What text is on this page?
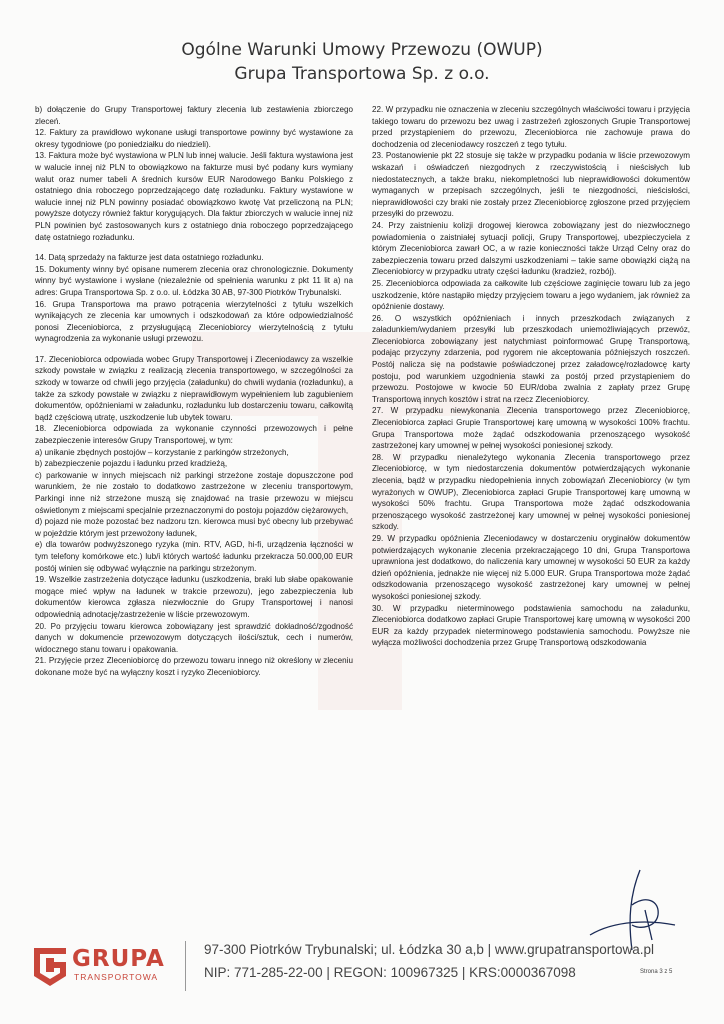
Ogólne Warunki Umowy Przewozu (OWUP)
Grupa Transportowa Sp. z o.o.

b) dołączenie do Grupy Transportowej faktury zlecenia lub zestawienia zbiorczego zleceń.

12. Faktury za prawidłowo wykonane usługi transportowe powinny być wystawione za okresy tygodniowe (po poniedziałku do niedzieli).

13. Faktura może być wystawiona w PLN lub innej walucie. Jeśli faktura wystawiona jest w walucie innej niż PLN to obowiązkowo na fakturze musi być podany kurs wymiany walut oraz numer tabeli A średnich kursów EUR Narodowego Banku Polskiego z ostatniego dnia roboczego poprzedzającego datę rozładunku. Faktury wystawione w walucie innej niż PLN powinny posiadać obowiązkowo kwotę Vat przeliczoną na PLN; powyższe dotyczy również faktur korygujących. Dla faktur zbiorczych w walucie innej niż PLN powinien być zastosowanych kurs z ostatniego dnia roboczego poprzedzającego datę ostatniego rozładunku.

14. Datą sprzedaży na fakturze jest data ostatniego rozładunku.

15. Dokumenty winny być opisane numerem zlecenia oraz chronologicznie. Dokumenty winny być wystawione i wysłane (niezależnie od spełnienia warunku z pkt 11 lit a) na adres: Grupa Transportowa Sp. z o.o. ul. Łódzka 30 AB, 97-300 Piotrków Trybunalski.

16. Grupa Transportowa ma prawo potrącenia wierzytelności z tytułu wszelkich wynikających ze zlecenia kar umownych i odszkodowań za które odpowiedzialność ponosi Zleceniobiorca, z przysługującą Zleceniobiorcy wierzytelnością z tytułu wynagrodzenia za wykonanie usługi przewozu.

17. Zleceniobiorca odpowiada wobec Grupy Transportowej i Zleceniodawcy za wszelkie szkody powstałe w związku z realizacją zlecenia transportowego, w szczególności za szkody w towarze od chwili jego przyjęcia (załadunku) do chwili wydania (rozładunku), a także za szkody powstałe w związku z nieprawidłowym wypełnieniem lub zagubieniem dokumentów, opóźnieniami w załadunku, rozładunku lub dostarczeniu towaru, całkowitą bądź częściową utratę, uszkodzenie lub ubytek towaru.

18. Zleceniobiorca odpowiada za wykonanie czynności przewozowych i pełne zabezpieczenie interesów Grupy Transportowej, w tym:

a) unikanie zbędnych postojów – korzystanie z parkingów strzeżonych,

b) zabezpieczenie pojazdu i ładunku przed kradzieżą,

c) parkowanie w innych miejscach niż parkingi strzeżone zostaje dopuszczone pod warunkiem, że nie zostało to dodatkowo zastrzeżone w zleceniu transportowym, Parkingi inne niż strzeżone muszą się znajdować na trasie przewozu w miejscu oświetlonym z miejscami specjalnie przeznaczonymi do postoju pojazdów ciężarowych,

d) pojazd nie może pozostać bez nadzoru tzn. kierowca musi być obecny lub przebywać w pojeździe którym jest przewożony ładunek,

e) dla towarów podwyższonego ryzyka (min. RTV, AGD, hi-fi, urządzenia łączności w tym telefony komórkowe etc.) lub/i których wartość ładunku przekracza 50.000,00 EUR postój winien się odbywać wyłącznie na parkingu strzeżonym.

19. Wszelkie zastrzeżenia dotyczące ładunku (uszkodzenia, braki lub słabe opakowanie mogące mieć wpływ na ładunek w trakcie przewozu), jego zabezpieczenia lub dokumentów kierowca zgłasza niezwłocznie do Grupy Transportowej i nanosi odpowiednią adnotację/zastrzeżenie w liście przewozowym.

20. Po przyjęciu towaru kierowca zobowiązany jest sprawdzić dokładność/zgodność danych w dokumencie przewozowym dotyczących ilości/sztuk, cech i numerów, widocznego stanu towaru i opakowania.

21. Przyjęcie przez Zleceniobiorcę do przewozu towaru innego niż określony w zleceniu dokonane może być na wyłączny koszt i ryzyko Zleceniobiorcy.

22. W przypadku nie oznaczenia w zleceniu szczególnych właściwości towaru i przyjęcia takiego towaru do przewozu bez uwag i zastrzeżeń zgłoszonych Grupie Transportowej przed przystąpieniem do przewozu, Zleceniobiorca nie zachowuje prawa do dochodzenia od zleceniodawcy roszczeń z tego tytułu.

23. Postanowienie pkt 22 stosuje się także w przypadku podania w liście przewozowym wskazań i oświadczeń niezgodnych z rzeczywistością i nieścisłych lub niedostatecznych, a także braku, niekompletności lub nieprawidłowości dokumentów wymaganych w przepisach szczególnych, jeśli te niezgodności, nieścisłości, nieprawidłowości czy braki nie zostały przez Zleceniobiorcę zgłoszone przed przyjęciem przesyłki do przewozu.

24. Przy zaistnieniu kolizji drogowej kierowca zobowiązany jest do niezwłocznego powiadomienia o zaistniałej sytuacji policji, Grupy Transportowej, ubezpieczyciela z którym Zleceniobiorca zawarł OC, a w razie konieczności także Urząd Celny oraz do zabezpieczenia towaru przed dalszymi uszkodzeniami – takie same obowiązki ciążą na Zleceniobiorcy w przypadku utraty części ładunku (kradzież, rozbój).

25. Zleceniobiorca odpowiada za całkowite lub częściowe zaginięcie towaru lub za jego uszkodzenie, które nastąpiło między przyjęciem towaru a jego wydaniem, jak również za opóźnienie dostawy.

26. O wszystkich opóźnieniach i innych przeszkodach związanych z załadunkiem/wydaniem przesyłki lub przeszkodach uniemożliwiających przewóz, Zleceniobiorca zobowiązany jest natychmiast poinformować Grupę Transportową, podając przyczyny zdarzenia, pod rygorem nie akceptowania późniejszych roszczeń. Postój nalicza się na podstawie poświadczonej przez załadowcę/rozładowcę karty postoju, pod warunkiem uzgodnienia stawki za postój przed przystąpieniem do przewozu. Postojowe w kwocie 50 EUR/doba zwalnia z zapłaty przez Grupę Transportową innych kosztów i strat na rzecz Zleceniobiorcy.

27. W przypadku niewykonania Zlecenia transportowego przez Zleceniobiorcę, Zleceniobiorca zapłaci Grupie Transportowej karę umowną w wysokości 100% frachtu. Grupa Transportowa może żądać odszkodowania przenoszącego wysokość zastrzeżonej kary umownej w pełnej wysokości poniesionej szkody.

28. W przypadku nienależytego wykonania Zlecenia transportowego przez Zleceniobiorcę, w tym niedostarczenia dokumentów potwierdzających wykonanie zlecenia, bądź w przypadku niedopełnienia innych zobowiązań Zleceniobiorcy (w tym wyrażonych w OWUP), Zleceniobiorca zapłaci Grupie Transportowej karę umowną w wysokości 50% frachtu. Grupa Transportowa może żądać odszkodowania przenoszącego wysokość zastrzeżonej kary umownej w pełnej wysokości poniesionej szkody.

29. W przypadku opóźnienia Zleceniodawcy w dostarczeniu oryginałów dokumentów potwierdzających wykonanie zlecenia przekraczającego 10 dni, Grupa Transportowa uprawniona jest dodatkowo, do naliczenia kary umownej w wysokości 50 EUR za każdy dzień opóźnienia, jednakże nie więcej niż 5.000 EUR. Grupa Transportowa może żądać odszkodowania przenoszącego wysokość zastrzeżonej kary umownej w pełnej wysokości poniesionej szkody.

30. W przypadku nieterminowego podstawienia samochodu na załadunku, Zleceniobiorca dodatkowo zapłaci Grupie Transportowej karę umowną w wysokości 200 EUR za każdy przypadek nieterminowego podstawienia samochodu. Powyższe nie wyłącza możliwości dochodzenia przez Grupę Transportową odszkodowania

GRUPA
TRANSPORTOWA
97-300 Piotrków Trybunalski; ul. Łódzka 30 a,b | www.grupatransportowa.pl
NIP: 771-285-22-00 | REGON: 100967325 | KRS:0000367098	Strona 3 z 5
